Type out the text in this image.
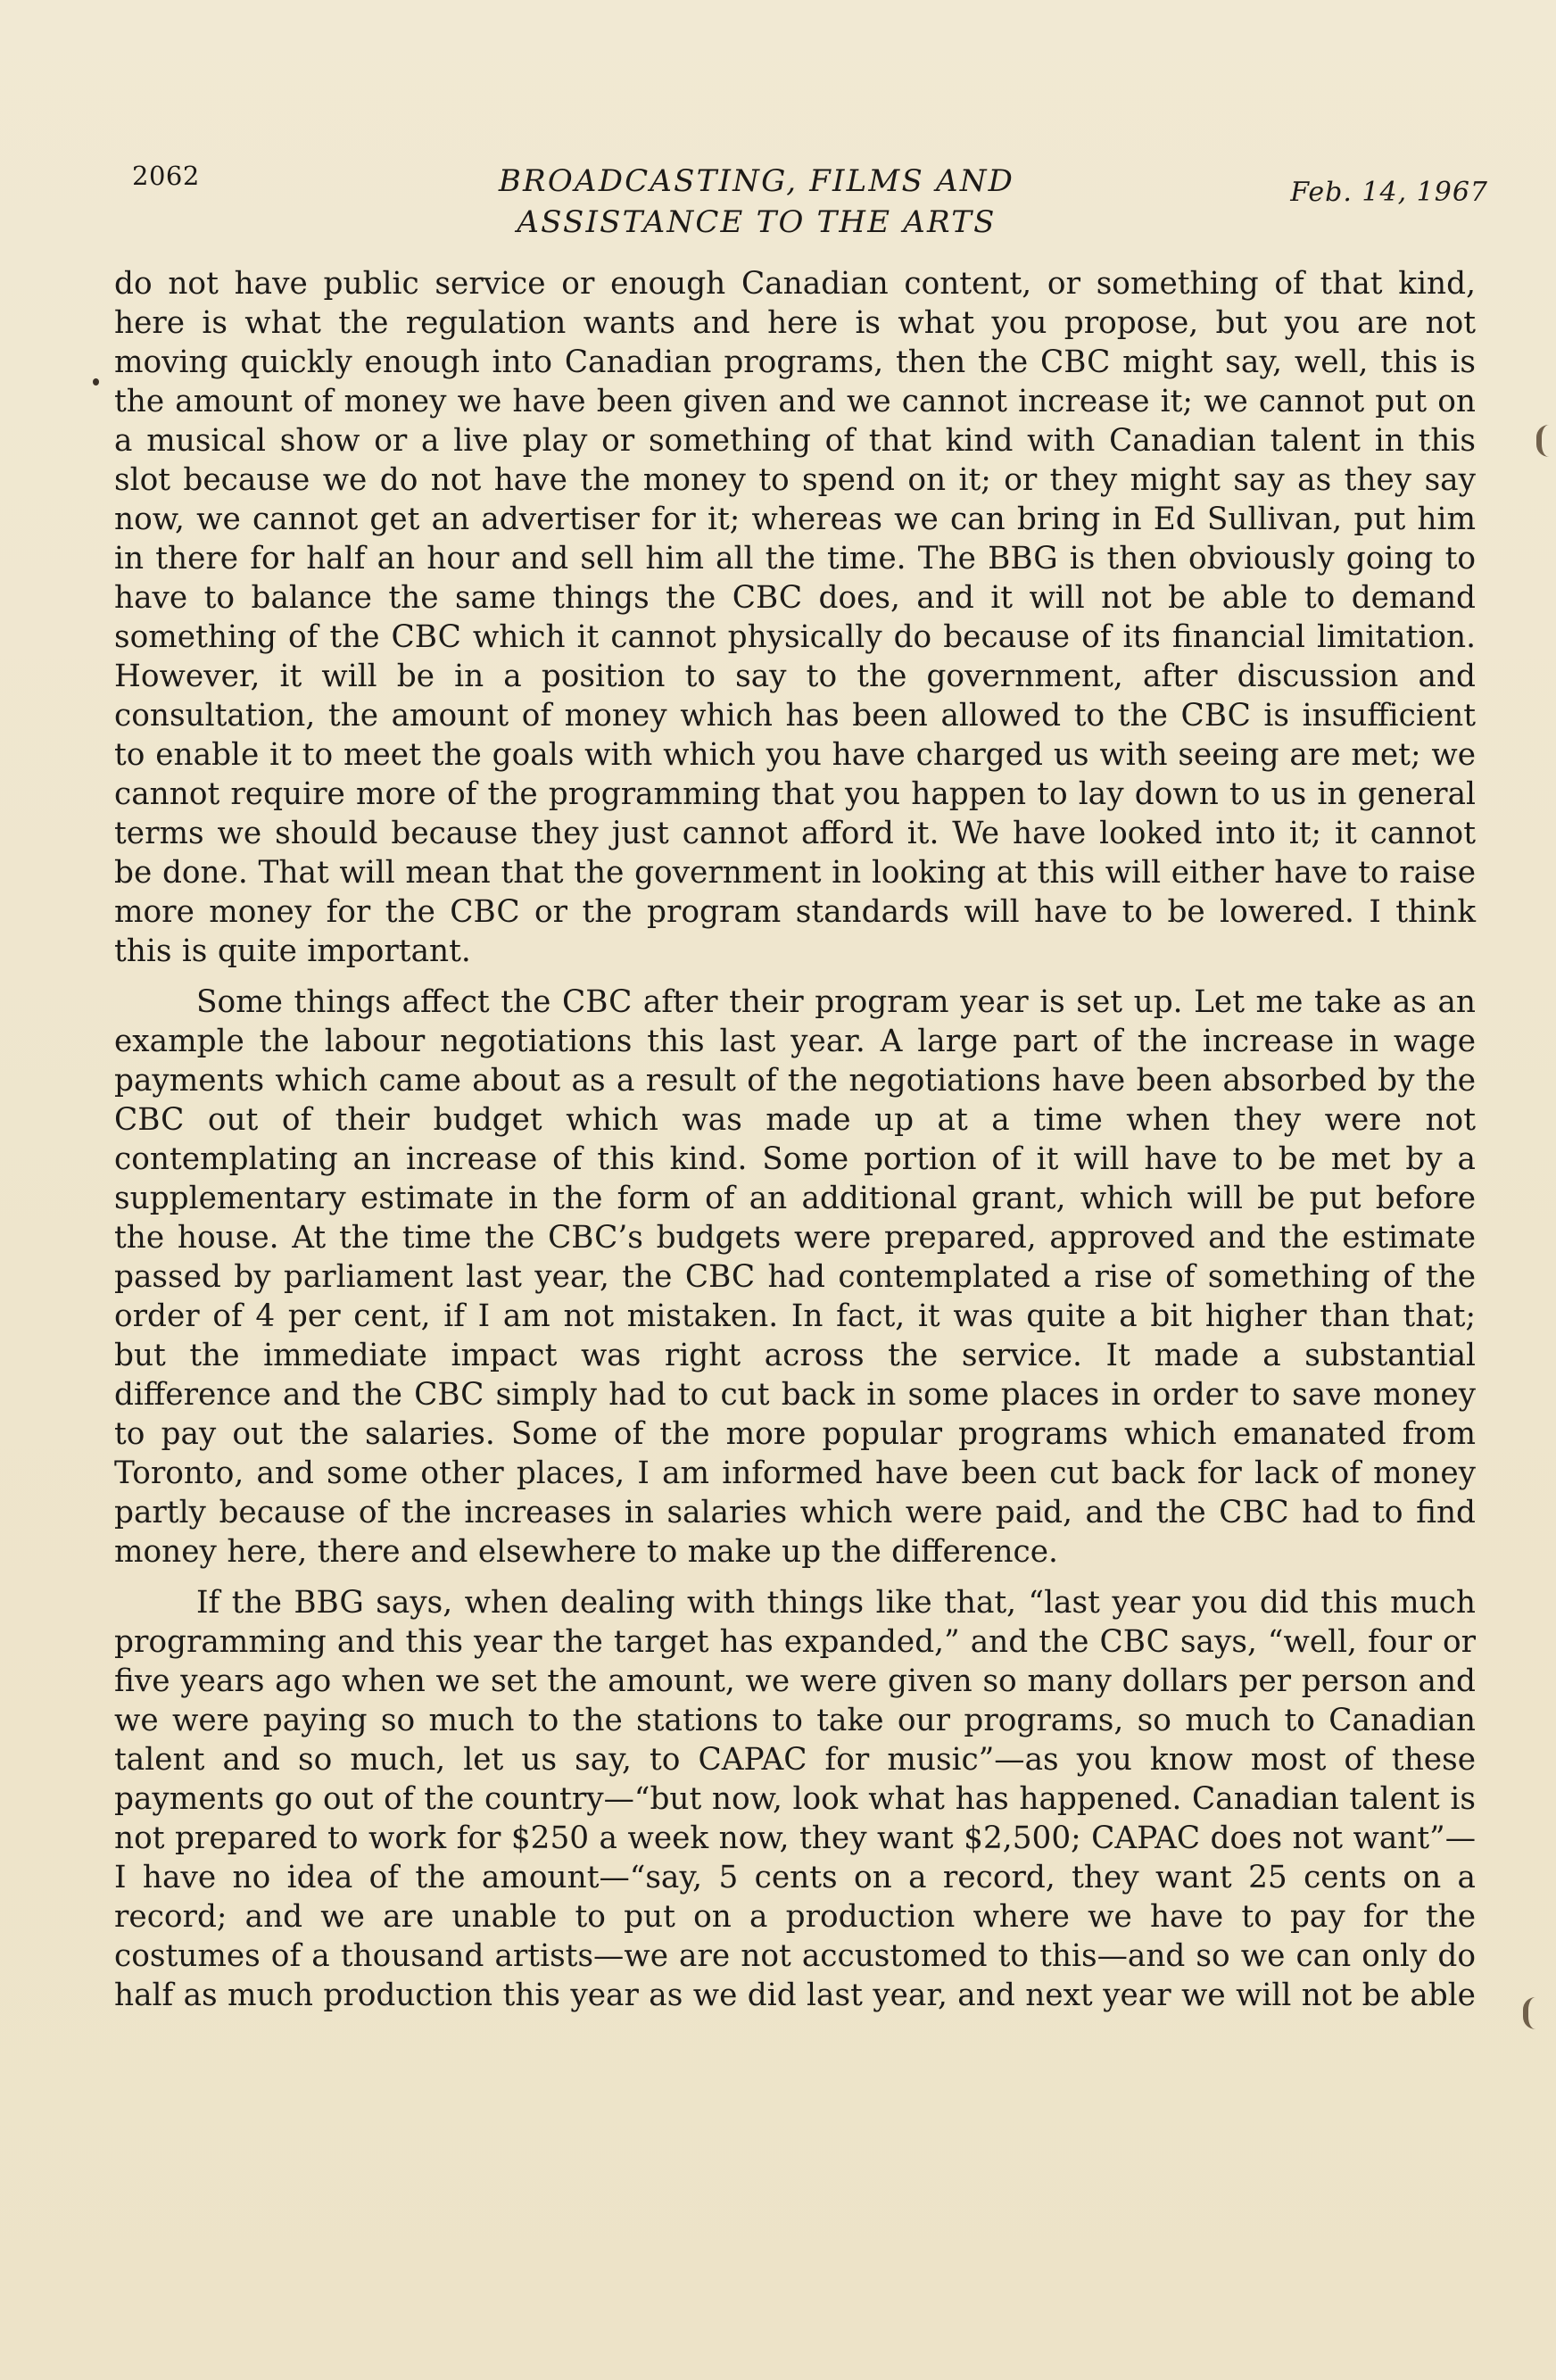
2062	BROADCASTING, FILMS AND
ASSISTANCE TO THE ARTS
Feb. 14, 1967

do not have public service or enough Canadian content, or something of that kind, here is what the regulation wants and here is what you propose, but you are not moving quickly enough into Canadian programs, then the CBC might say, well, this is the amount of money we have been given and we cannot increase it; we cannot put on a musical show or a live play or something of that kind with Canadian talent in this slot because we do not have the money to spend on it; or they might say as they say now, we cannot get an advertiser for it; whereas we can bring in Ed Sullivan, put him in there for half an hour and sell him all the time. The BBG is then obviously going to have to balance the same things the CBC does, and it will not be able to demand something of the CBC which it cannot physically do because of its financial limitation. However, it will be in a position to say to the government, after discussion and consultation, the amount of money which has been allowed to the CBC is insufficient to enable it to meet the goals with which you have charged us with seeing are met; we cannot require more of the programming that you happen to lay down to us in general terms we should because they just cannot afford it. We have looked into it; it cannot be done. That will mean that the government in looking at this will either have to raise more money for the CBC or the program standards will have to be lowered. I think this is quite important.

Some things affect the CBC after their program year is set up. Let me take as an example the labour negotiations this last year. A large part of the increase in wage payments which came about as a result of the negotiations have been absorbed by the CBC out of their budget which was made up at a time when they were not contemplating an increase of this kind. Some portion of it will have to be met by a supplementary estimate in the form of an additional grant, which will be put before the house. At the time the CBC’s budgets were prepared, approved and the estimate passed by parliament last year, the CBC had contemplated a rise of something of the order of 4 per cent, if I am not mistaken. In fact, it was quite a bit higher than that; but the immediate impact was right across the service. It made a substantial difference and the CBC simply had to cut back in some places in order to save money to pay out the salaries. Some of the more popular programs which emanated from Toronto, and some other places, I am informed have been cut back for lack of money partly because of the increases in salaries which were paid, and the CBC had to find money here, there and elsewhere to make up the difference.

If the BBG says, when dealing with things like that, “last year you did this much programming and this year the target has expanded,” and the CBC says, “well, four or five years ago when we set the amount, we were given so many dollars per person and we were paying so much to the stations to take our programs, so much to Canadian talent and so much, let us say, to CAPAC for music”—as you know most of these payments go out of the country—“but now, look what has happened. Canadian talent is not prepared to work for $250 a week now, they want $2,500; CAPAC does not want”—I have no idea of the amount—“say, 5 cents on a record, they want 25 cents on a record; and we are unable to put on a production where we have to pay for the costumes of a thousand artists—we are not accustomed to this—and so we can only do half as much production this year as we did last year, and next year we will not be able
